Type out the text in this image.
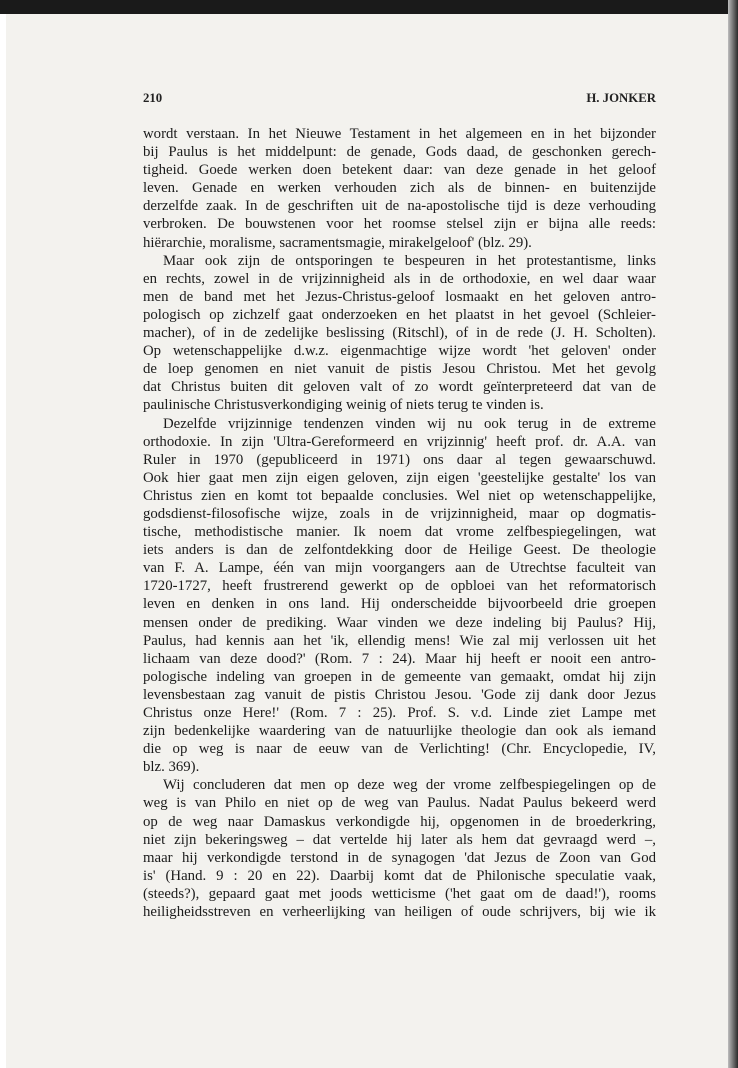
210	H. JONKER
wordt verstaan. In het Nieuwe Testament in het algemeen en in het bijzonder
bij Paulus is het middelpunt: de genade, Gods daad, de geschonken gerech-
tigheid. Goede werken doen betekent daar: van deze genade in het geloof
leven. Genade en werken verhouden zich als de binnen- en buitenzijde
derzelfde zaak. In de geschriften uit de na-apostolische tijd is deze verhouding
verbroken. De bouwstenen voor het roomse stelsel zijn er bijna alle reeds:
hiërarchie, moralisme, sacramentsmagie, mirakelgeloof' (blz. 29).
Maar ook zijn de ontsporingen te bespeuren in het protestantisme, links
en rechts, zowel in de vrijzinnigheid als in de orthodoxie, en wel daar waar
men de band met het Jezus-Christus-geloof losmaakt en het geloven antro-
pologisch op zichzelf gaat onderzoeken en het plaatst in het gevoel (Schleier-
macher), of in de zedelijke beslissing (Ritschl), of in de rede (J. H. Scholten).
Op wetenschappelijke d.w.z. eigenmachtige wijze wordt 'het geloven' onder
de loep genomen en niet vanuit de pistis Jesou Christou. Met het gevolg
dat Christus buiten dit geloven valt of zo wordt geïnterpreteerd dat van de
paulinische Christusverkondiging weinig of niets terug te vinden is.
Dezelfde vrijzinnige tendenzen vinden wij nu ook terug in de extreme
orthodoxie. In zijn 'Ultra-Gereformeerd en vrijzinnig' heeft prof. dr. A.A. van
Ruler in 1970 (gepubliceerd in 1971) ons daar al tegen gewaarschuwd.
Ook hier gaat men zijn eigen geloven, zijn eigen 'geestelijke gestalte' los van
Christus zien en komt tot bepaalde conclusies. Wel niet op wetenschappelijke,
godsdienst-filosofische wijze, zoals in de vrijzinnigheid, maar op dogmatis-
tische, methodistische manier. Ik noem dat vrome zelfbespiegelingen, wat
iets anders is dan de zelfontdekking door de Heilige Geest. De theologie
van F. A. Lampe, één van mijn voorgangers aan de Utrechtse faculteit van
1720-1727, heeft frustrerend gewerkt op de opbloei van het reformatorisch
leven en denken in ons land. Hij onderscheidde bijvoorbeeld drie groepen
mensen onder de prediking. Waar vinden we deze indeling bij Paulus? Hij,
Paulus, had kennis aan het 'ik, ellendig mens! Wie zal mij verlossen uit het
lichaam van deze dood?' (Rom. 7 : 24). Maar hij heeft er nooit een antro-
pologische indeling van groepen in de gemeente van gemaakt, omdat hij zijn
levensbestaan zag vanuit de pistis Christou Jesou. 'Gode zij dank door Jezus
Christus onze Here!' (Rom. 7 : 25). Prof. S. v.d. Linde ziet Lampe met
zijn bedenkelijke waardering van de natuurlijke theologie dan ook als iemand
die op weg is naar de eeuw van de Verlichting! (Chr. Encyclopedie, IV,
blz. 369).
Wij concluderen dat men op deze weg der vrome zelfbespiegelingen op de
weg is van Philo en niet op de weg van Paulus. Nadat Paulus bekeerd werd
op de weg naar Damaskus verkondigde hij, opgenomen in de broederkring,
niet zijn bekeringsweg – dat vertelde hij later als hem dat gevraagd werd –,
maar hij verkondigde terstond in de synagogen 'dat Jezus de Zoon van God
is' (Hand. 9 : 20 en 22). Daarbij komt dat de Philonische speculatie vaak,
(steeds?), gepaard gaat met joods wetticisme ('het gaat om de daad!'), rooms
heiligheidsstreven en verheerlijking van heiligen of oude schrijvers, bij wie ik
